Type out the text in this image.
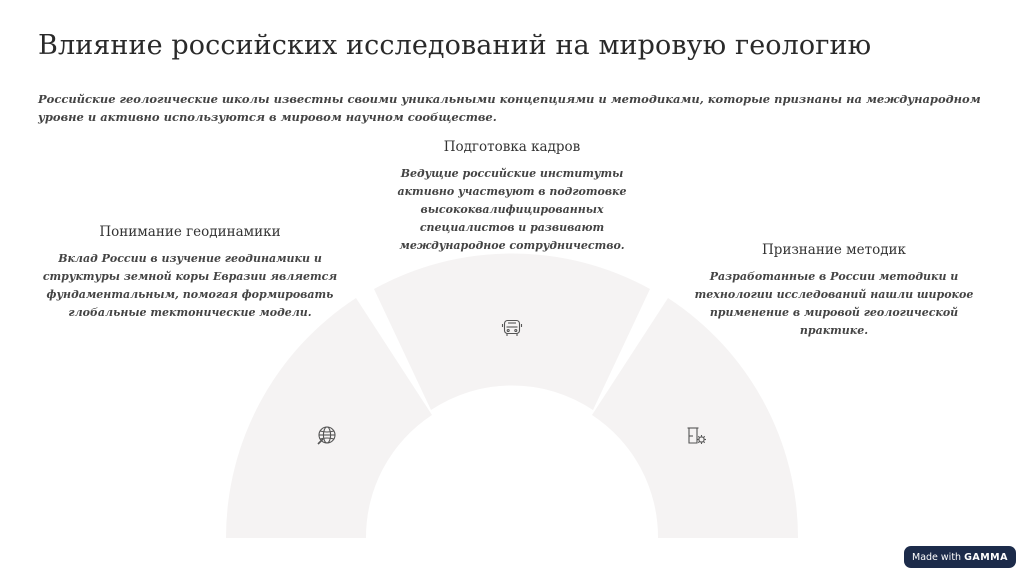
Влияние российских исследований на мировую геологию

Российские геологические школы известны своими уникальными концепциями и методиками, которые признаны на международном уровне и активно используются в мировом научном сообществе.

Понимание геодинамики
Вклад России в изучение геодинамики и структуры земной коры Евразии является фундаментальным, помогая формировать глобальные тектонические модели.
Подготовка кадров
Ведущие российские институты активно участвуют в подготовке высококвалифицированных специалистов и развивают международное сотрудничество.	Признание методик
Разработанные в России методики и технологии исследований нашли широкое применение в мировой геологической практике.
Made with GAMMA
